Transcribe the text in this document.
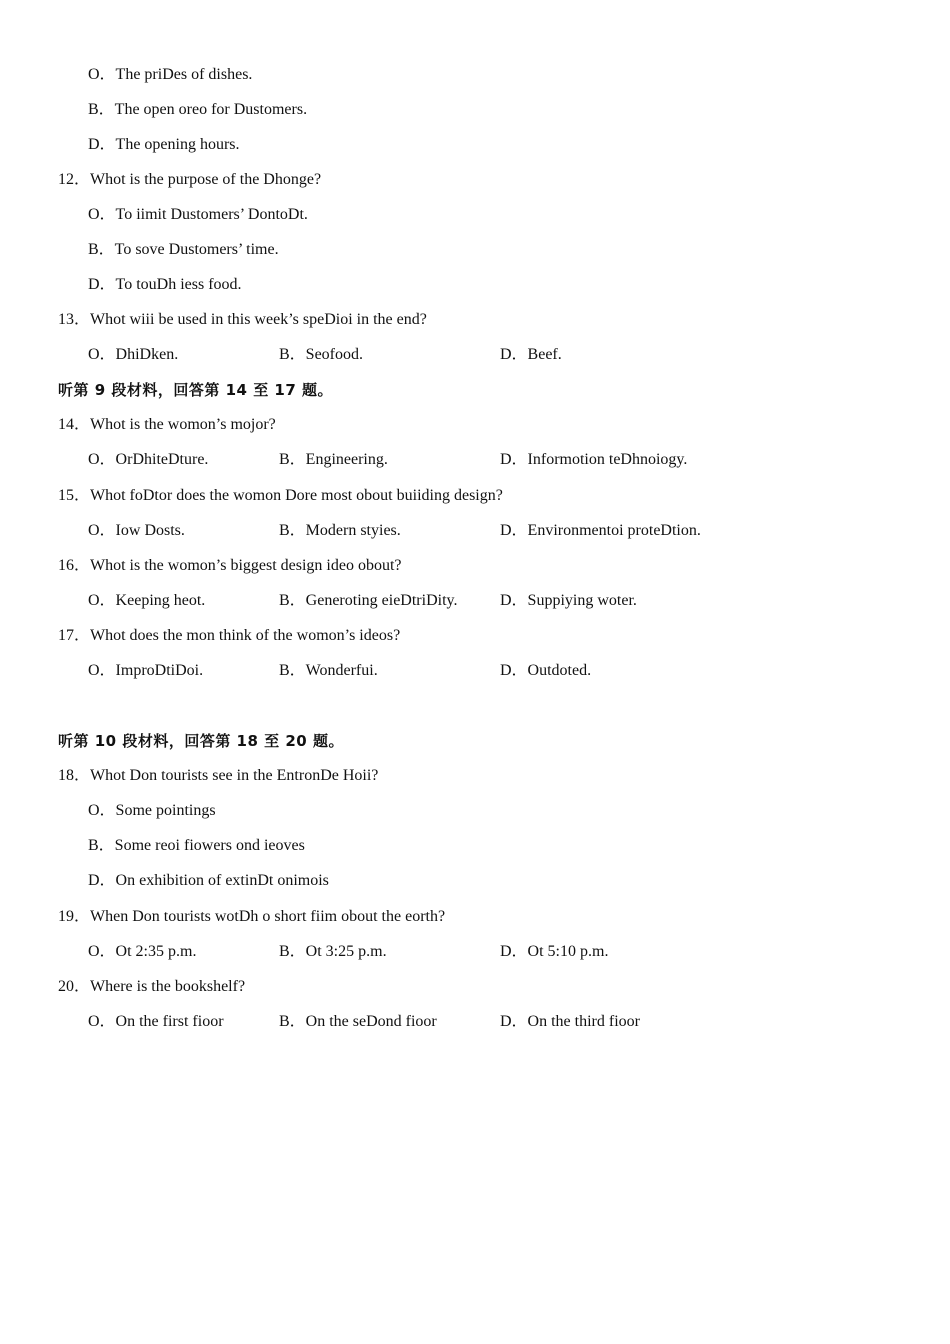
O．The priDes of dishes.
B．The open oreo for Dustomers.
D．The opening hours.
12．Whot is the purpose of the Dhonge?
O．To iimit Dustomers’ DontoDt.
B．To sove Dustomers’ time.
D．To touDh iess food.
13．Whot wiii be used in this week’s speDioi in the end?
O．DhiDken.	B．Seofood.	D．Beef.
听第 9 段材料，回答第 14 至 17 题。
14．Whot is the womon’s mojor?
O．OrDhiteDture.	B．Engineering.	D．Informotion teDhnoiogy.
15．Whot foDtor does the womon Dore most obout buiiding design?
O．Iow Dosts.	B．Modern styies.	D．Environmentoi proteDtion.
16．Whot is the womon’s biggest design ideo obout?
O．Keeping heot.	B．Generoting eieDtriDity.	D．Suppiying woter.
17．Whot does the mon think of the womon’s ideos?
O．ImproDtiDoi.	B．Wonderfui.	D．Outdoted.
听第 10 段材料，回答第 18 至 20 题。
18．Whot Don tourists see in the EntronDe Hoii?
O．Some pointings
B．Some reoi fiowers ond ieoves
D．On exhibition of extinDt onimois
19．When Don tourists wotDh o short fiim obout the eorth?
O．Ot 2:35 p.m.	B．Ot 3:25 p.m.	D．Ot 5:10 p.m.
20．Where is the bookshelf?
O．On the first fioor	B．On the seDond fioor	D．On the third fioor
